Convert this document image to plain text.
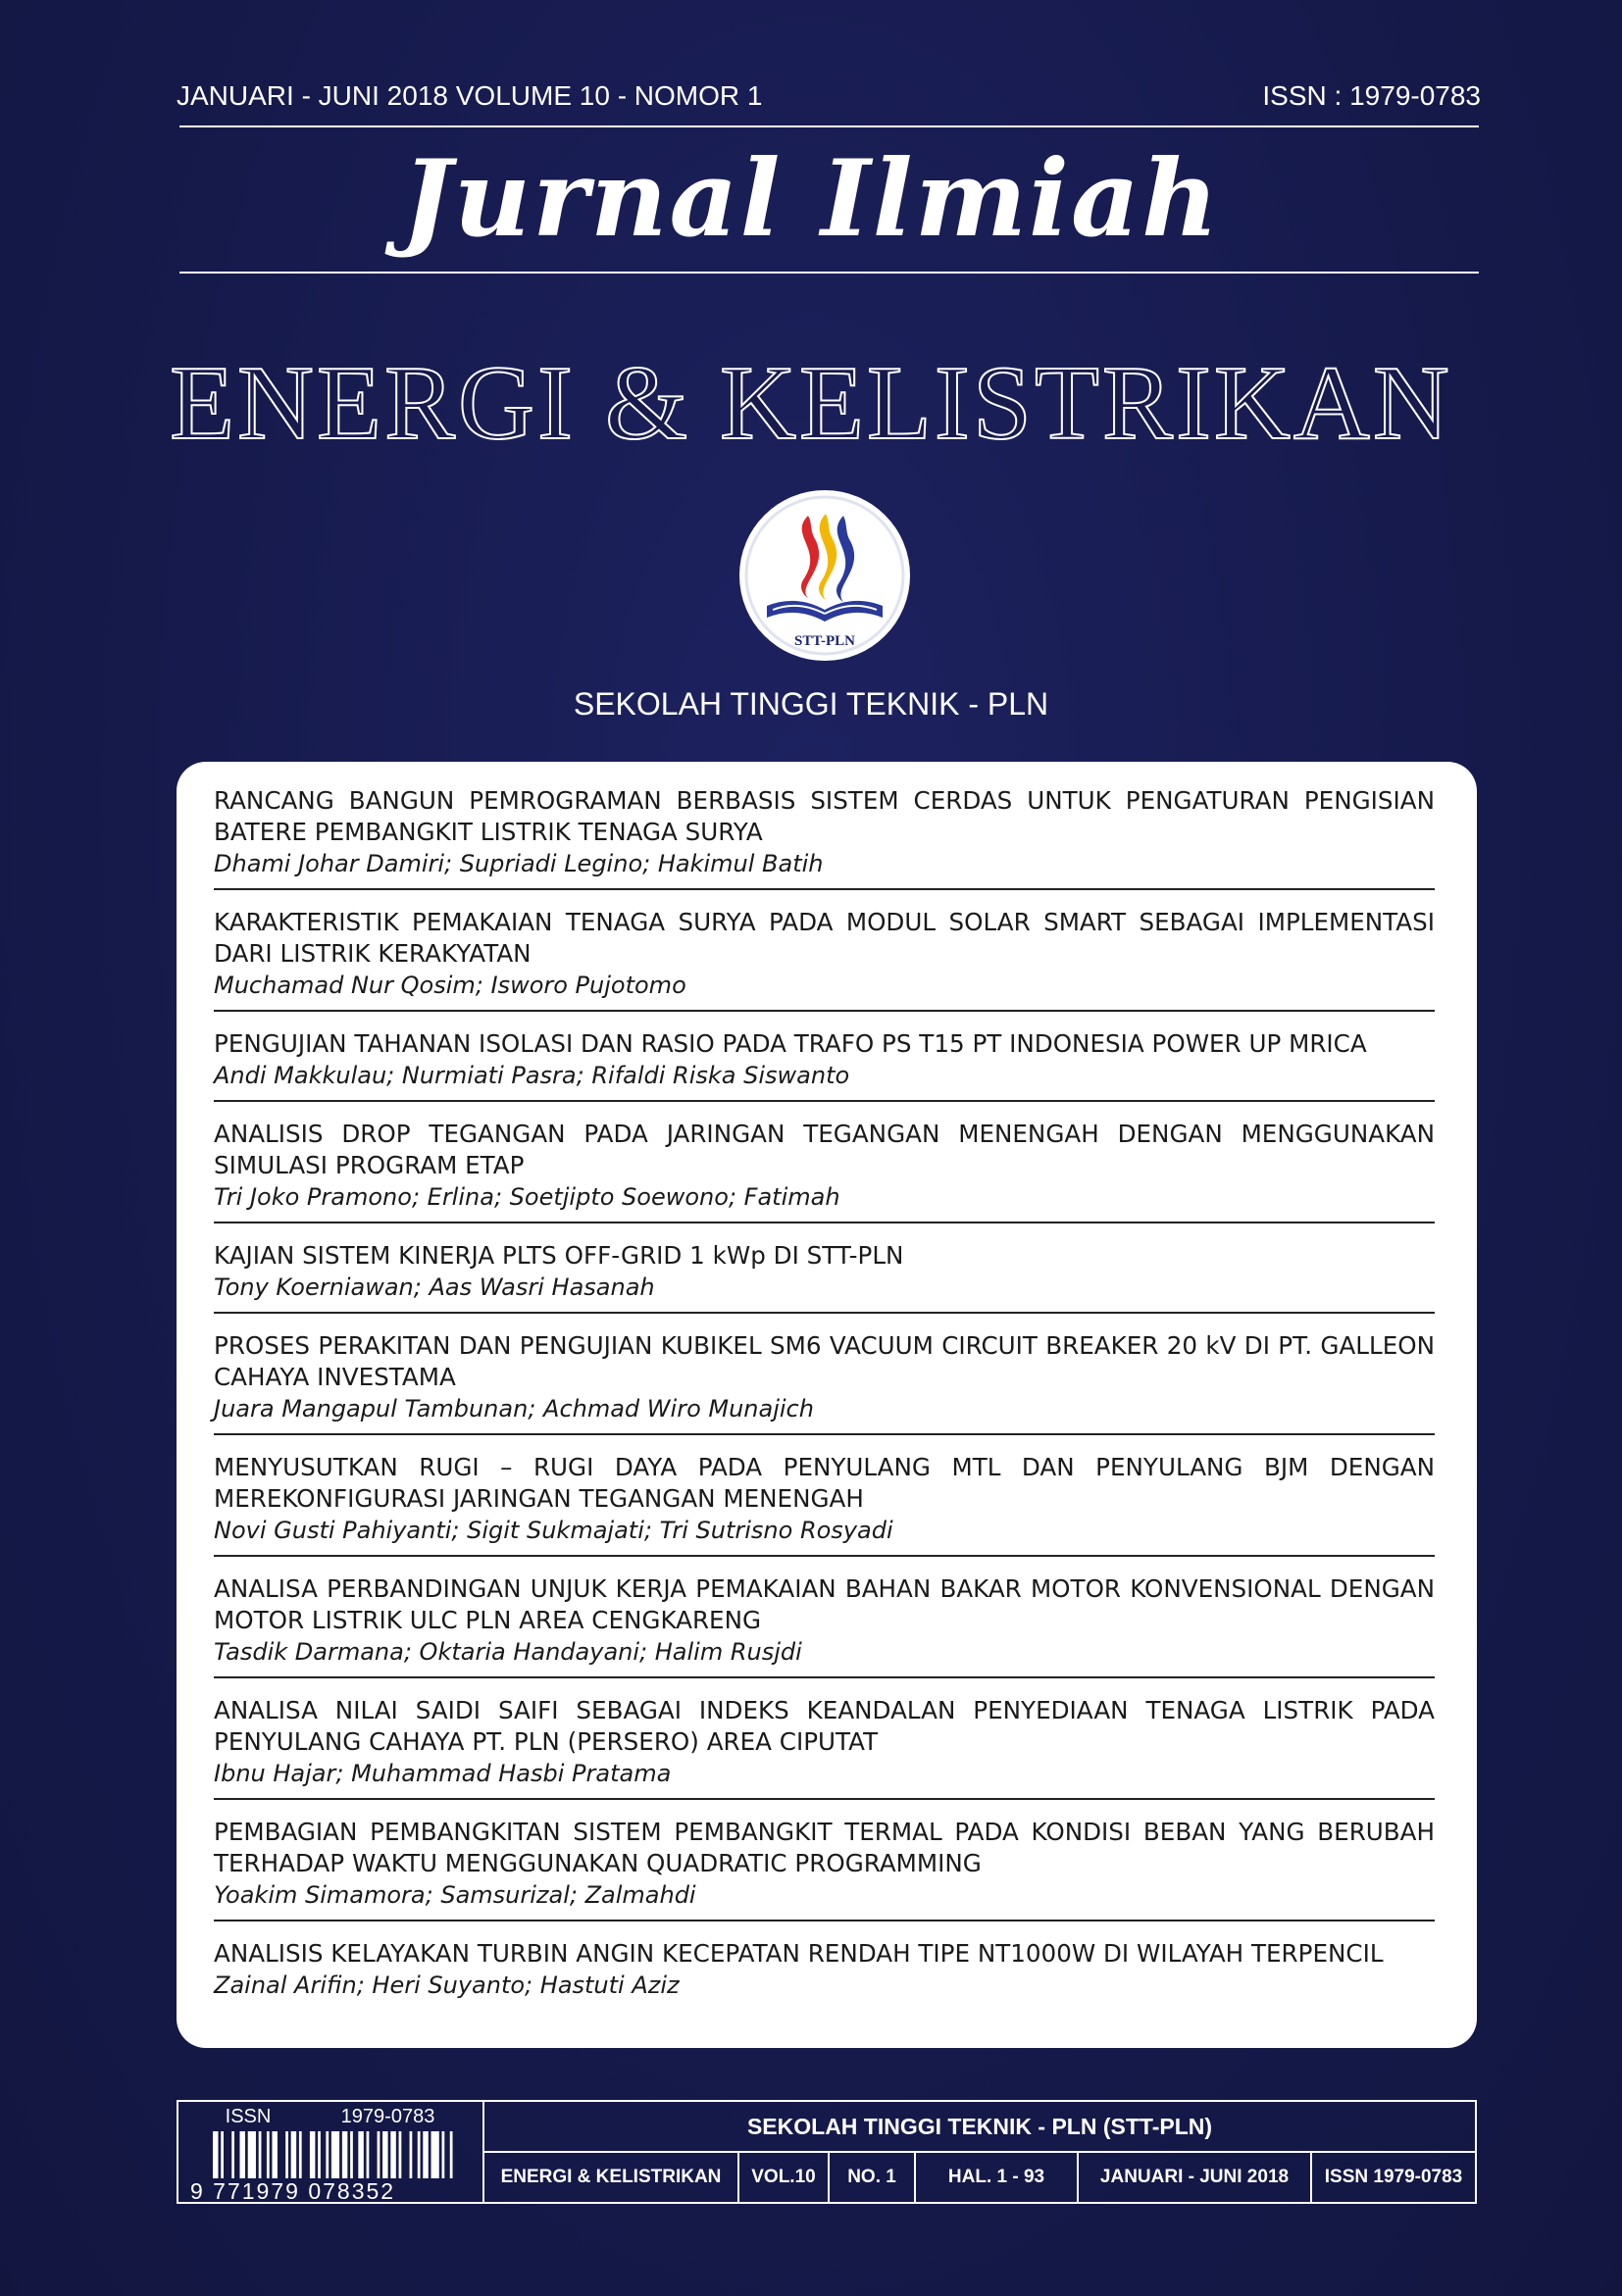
JANUARI - JUNI 2018 VOLUME 10 - NOMOR 1	ISSN : 1979-0783
Jurnal Ilmiah
ENERGI & KELISTRIKAN
STT-PLN
SEKOLAH TINGGI TEKNIK - PLN

RANCANG BANGUN PEMROGRAMAN BERBASIS SISTEM CERDAS UNTUK PENGATURAN PENGISIAN BATERE PEMBANGKIT LISTRIK TENAGA SURYA

Dhami Johar Damiri; Supriadi Legino; Hakimul Batih

KARAKTERISTIK PEMAKAIAN TENAGA SURYA PADA MODUL SOLAR SMART SEBAGAI IMPLEMENTASI DARI LISTRIK KERAKYATAN

Muchamad Nur Qosim; Isworo Pujotomo

PENGUJIAN TAHANAN ISOLASI DAN RASIO PADA TRAFO PS T15 PT INDONESIA POWER UP MRICA

Andi Makkulau; Nurmiati Pasra; Rifaldi Riska Siswanto

ANALISIS DROP TEGANGAN PADA JARINGAN TEGANGAN MENENGAH DENGAN MENGGUNAKAN SIMULASI PROGRAM ETAP

Tri Joko Pramono; Erlina; Soetjipto Soewono; Fatimah

KAJIAN SISTEM KINERJA PLTS OFF-GRID 1 kWp DI STT-PLN

Tony Koerniawan; Aas Wasri Hasanah

PROSES PERAKITAN DAN PENGUJIAN KUBIKEL SM6 VACUUM CIRCUIT BREAKER 20 kV DI PT. GALLEON CAHAYA INVESTAMA

Juara Mangapul Tambunan; Achmad Wiro Munajich

MENYUSUTKAN RUGI – RUGI DAYA PADA PENYULANG MTL DAN PENYULANG BJM DENGAN MEREKONFIGURASI JARINGAN TEGANGAN MENENGAH

Novi Gusti Pahiyanti; Sigit Sukmajati; Tri Sutrisno Rosyadi

ANALISA PERBANDINGAN UNJUK KERJA PEMAKAIAN BAHAN BAKAR MOTOR KONVENSIONAL DENGAN MOTOR LISTRIK ULC PLN AREA CENGKARENG

Tasdik Darmana; Oktaria Handayani; Halim Rusjdi

ANALISA NILAI SAIDI SAIFI SEBAGAI INDEKS KEANDALAN PENYEDIAAN TENAGA LISTRIK PADA PENYULANG CAHAYA PT. PLN (PERSERO) AREA CIPUTAT

Ibnu Hajar; Muhammad Hasbi Pratama

PEMBAGIAN PEMBANGKITAN SISTEM PEMBANGKIT TERMAL PADA KONDISI BEBAN YANG BERUBAH TERHADAP WAKTU MENGGUNAKAN QUADRATIC PROGRAMMING

Yoakim Simamora; Samsurizal; Zalmahdi

ANALISIS KELAYAKAN TURBIN ANGIN KECEPATAN RENDAH TIPE NT1000W DI WILAYAH TERPENCIL

Zainal Arifin; Heri Suyanto; Hastuti Aziz

ISSN	1979-0783
9 771979 078352
SEKOLAH TINGGI TEKNIK - PLN (STT-PLN)
ENERGI & KELISTRIKAN	VOL.10	NO. 1	HAL. 1 - 93	JANUARI - JUNI 2018	ISSN 1979-0783
